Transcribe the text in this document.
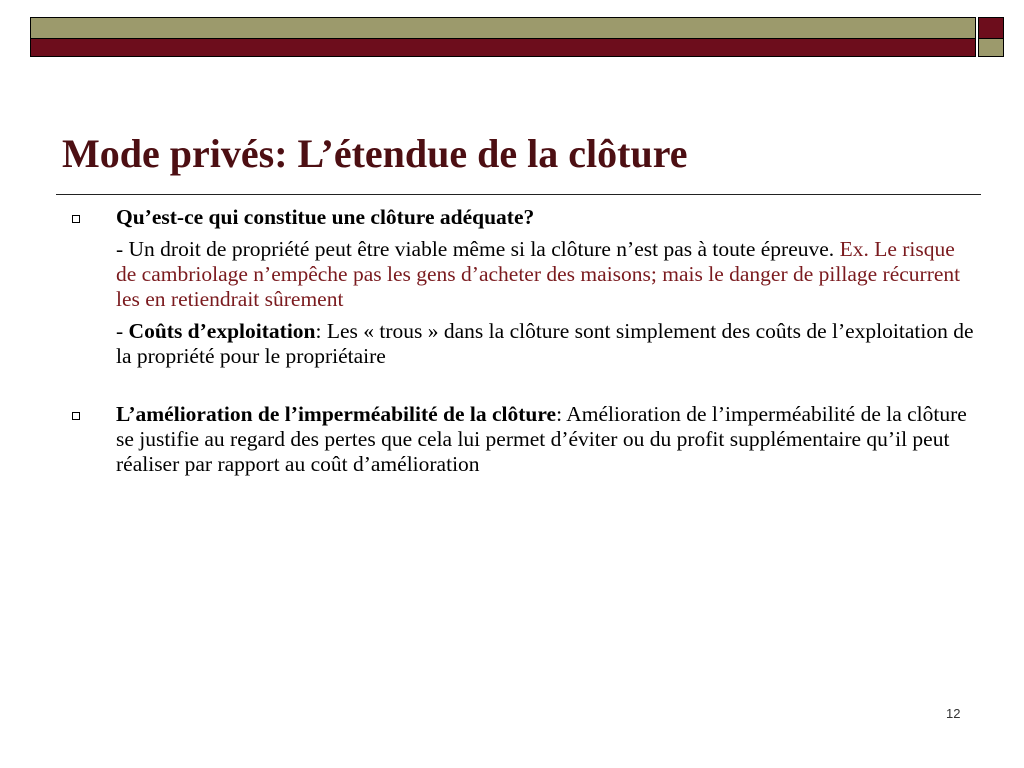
Mode privés: L’étendue de la clôture

Qu’est-ce qui constitue une clôture adéquate?

- Un droit de propriété peut être viable même si la clôture n’est pas à toute épreuve. Ex. Le risque de cambriolage n’empêche pas les gens d’acheter des maisons; mais le danger de pillage récurrent les en retiendrait sûrement

- Coûts d’exploitation: Les « trous » dans la clôture sont simplement des coûts de l’exploitation de la propriété pour le propriétaire

L’amélioration de l’imperméabilité de la clôture: Amélioration de l’imperméabilité de la clôture se justifie au regard des pertes que cela lui permet d’éviter ou du profit supplémentaire qu’il peut réaliser par rapport au coût d’amélioration

12
